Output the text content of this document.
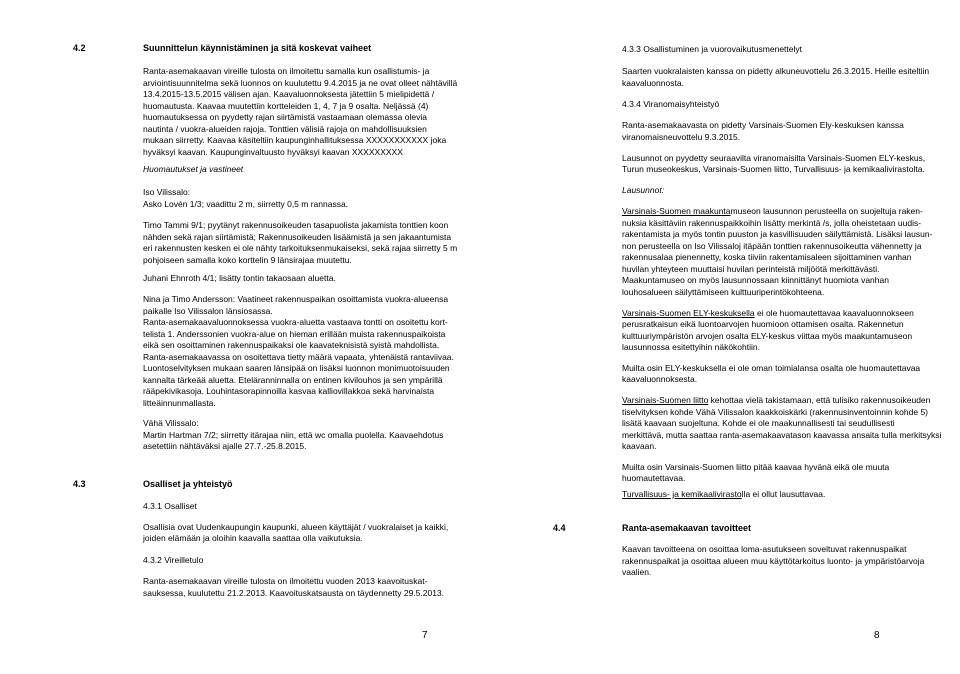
4.2	Suunnittelun käynnistäminen ja sitä koskevat vaiheet
Ranta-asemakaavan vireille tulosta on ilmoitettu samalla kun osallistumis- ja
arviointisuunnitelma sekä luonnos on kuulutettu 9.4.2015 ja ne ovat olleet nähtävillä
13.4.2015-13.5.2015 välisen ajan. Kaavaluonnoksesta jätettiin 5 mielipidettä /
huomautusta. Kaavaa muutettiin kortteleiden 1, 4, 7 ja 9 osalta. Neljässä (4)
huomautuksessa on pyydetty rajan siirtämistä vastaamaan olemassa olevia
nautinta / vuokra-alueiden rajoja. Tonttien välisiä rajoja on mahdollisuuksien
mukaan siirretty. Kaavaa käsiteltiin kaupunginhallituksessa XXXXXXXXXXX joka
hyväksyi kaavan. Kaupunginvaltuusto hyväksyi kaavan XXXXXXXXX
Huomautukset ja vastineet
Iso Vilissalo:
Asko Lovén 1/3; vaadittu 2 m, siirretty 0,5 m rannassa.
Timo Tammi 9/1; pyytänyt rakennusoikeuden tasapuolista jakamista tonttien koon
nähden sekä rajan siirtämistä; Rakennusoikeuden lisäämistä ja sen jakaantumista
eri rakennusten kesken ei ole nähty tarkoituksenmukaiseksi, sekä rajaa siirretty 5 m
pohjoiseen samalla koko korttelin 9 länsirajaa muutettu.
Juhani Ehnroth 4/1; lisätty tontin takaosaan aluetta.
Nina ja Timo Andersson: Vaatineet rakennuspaikan osoittamista vuokra-alueensa
paikalle Iso Vilissalon länsiosassa.
Ranta-asemakaavaluonnoksessa vuokra-aluetta vastaava tontti on osoitettu kort-
telista 1. Anderssonien vuokra-alue on hieman erillään muista rakennuspaikoista
eikä sen osoittaminen rakennuspaikaksi ole kaavateknisistä syistä mahdollista.
Ranta-asemakaavassa on osoitettava tietty määrä vapaata, yhtenäistä rantaviivaa.
Luontoselvityksen mukaan saaren länsipää on lisäksi luonnon monimuotoisuuden
kannalta tärkeää aluetta. Eteläranninnalla on entinen kivilouhos ja sen ympärillä
rääpekivikasoja. Louhintasorapinnoilla kasvaa kalliovillakkoa sekä harvinaista
litteäinnunmallasta.
Vähä Vilissalo:
Martin Hartman 7/2; siirretty itärajaa niin, että wc omalla puolella. Kaavaehdotus
asetettiin nähtäväksi ajalle 27.7.-25.8.2015.
4.3	Osalliset ja yhteistyö
4.3.1 Osalliset
Osallisia ovat Uudenkaupungin kaupunki, alueen käyttäjät / vuokralaiset ja kaikki,
joiden elämään ja oloihin kaavalla saattaa olla vaikutuksia.
4.3.2 Vireilletulo
Ranta-asemakaavan vireille tulosta on ilmoitettu vuoden 2013 kaavoituskat-
sauksessa, kuulutettu 21.2.2013. Kaavoituskatsausta on täydennetty 29.5.2013.
7
4.3.3 Osallistuminen ja vuorovaikutusmenettelyt
Saarten vuokralaisten kanssa on pidetty alkuneuvottelu 26.3.2015. Heille esiteltiin
kaavaluonnosta.
4.3.4 Viranomaisyhteistyö
Ranta-asemakaavasta on pidetty Varsinais-Suomen Ely-keskuksen kanssa
viranomaisneuvottelu 9.3.2015.
Lausunnot on pyydetty seuraavilta viranomaisilta Varsinais-Suomen ELY-keskus,
Turun museokeskus, Varsinais-Suomen liitto, Turvallisuus- ja kemikaalivirastolta.
Lausunnot:
Varsinais-Suomen maakuntamuseon lausunnon perusteella on suojeltuja raken-
nuksia käsittäviin rakennuspaikkoihin lisätty merkintä /s, jolla oheistetaan uudis-
rakentamista ja myös tontin puuston ja kasvillisuuden säilyttämistä. Lisäksi lausun-
non perusteella on Iso Vilissaloj itäpään tonttien rakennusoikeutta vähennetty ja
rakennusalaa pienennetty, koska tiiviin rakentamisaleen sijoittaminen vanhan
huvilan yhteyteen muuttaisi huvilan perinteistä miljöötä merkittävästi.
Maakuntamuseo on myös lausunnossaan kiinnittänyt huomiota vanhan
louhosalueen säilyttämiseen kulttuuriperintökohteena.
Varsinais-Suomen ELY-keskuksella ei ole huomautettavaa kaavaluonnokseen
perusratkaisun eikä luontoarvojen huomioon ottamisen osalta. Rakennetun
kulttuuriympäristön arvojen osalta ELY-keskus viittaa myös maakuntamuseon
lausunnossa esitettyihin näkökohtiin.
Muilta osin ELY-keskuksella ei ole oman toimialansa osalta ole huomautettavaa
kaavaluonnoksesta.
Varsinais-Suomen liitto kehottaa vielä takistamaan, että tulisiko rakennusoikeuden
tiselvityksen kohde Vähä Vilissalon kaakkoiskärki (rakennusinventoinnin kohde 5)
lisätä kaavaan suojeltuna. Kohde ei ole maakunnallisesti tai seudullisesti
merkittävä, mutta saattaa ranta-asemakaavatason kaavassa ansaita tulla merkitsyksi
kaavaan.
Muilta osin Varsinais-Suomen liitto pitää kaavaa hyvänä eikä ole muuta
huomautettavaa.
Turvallisuus- ja kemikaalivirastolla ei ollut lausuttavaa.
4.4	Ranta-asemakaavan tavoitteet
Kaavan tavoitteena on osoittaa loma-asutukseen soveltuvat rakennuspaikat
rakennuspaikat ja osoittaa alueen muu käyttötarkoitus luonto- ja ympäristöarvoja
vaalien.
8
